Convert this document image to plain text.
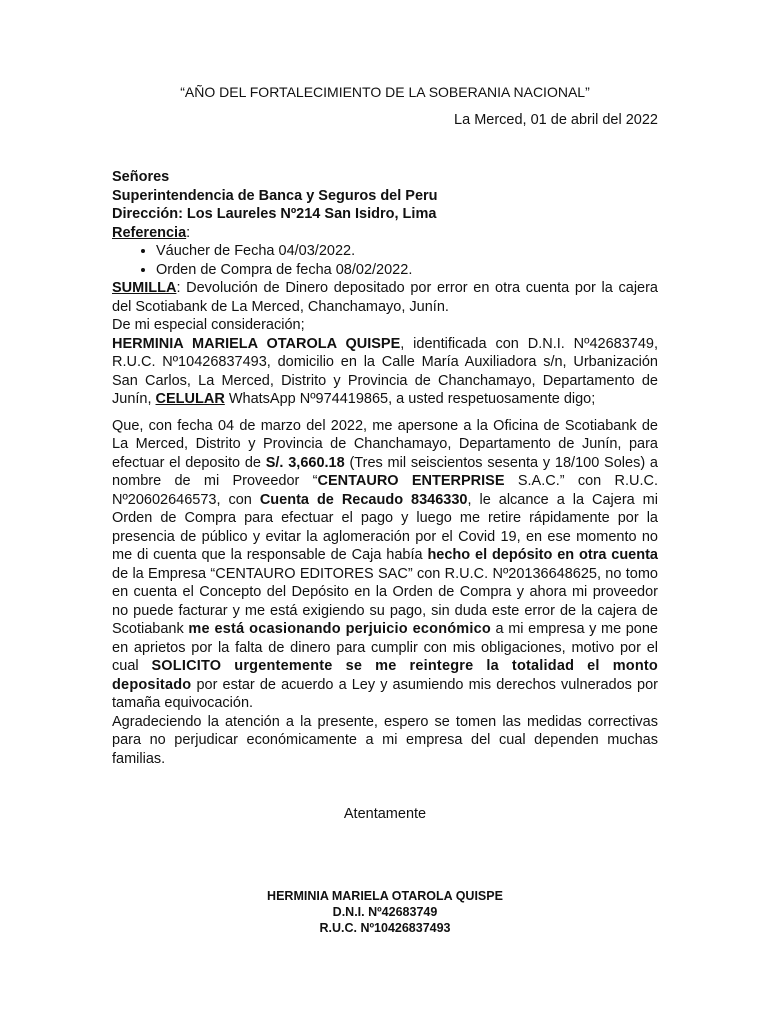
“AÑO DEL FORTALECIMIENTO DE LA SOBERANIA NACIONAL”
La Merced, 01 de abril del 2022
Señores
Superintendencia de Banca y Seguros del Peru
Dirección: Los Laureles Nº214 San Isidro, Lima
Referencia:
• Váucher de Fecha 04/03/2022.
• Orden de Compra de fecha 08/02/2022.
SUMILLA: Devolución de Dinero depositado por error en otra cuenta por la cajera del Scotiabank de La Merced, Chanchamayo, Junín.
De mi especial consideración;

HERMINIA MARIELA OTAROLA QUISPE, identificada con D.N.I. Nº42683749, R.U.C. Nº10426837493, domicilio en la Calle María Auxiliadora s/n, Urbanización San Carlos, La Merced, Distrito y Provincia de Chanchamayo, Departamento de Junín, CELULAR WhatsApp Nº974419865, a usted respetuosamente digo;

Que, con fecha 04 de marzo del 2022, me apersone a la Oficina de Scotiabank de La Merced, Distrito y Provincia de Chanchamayo, Departamento de Junín, para efectuar el deposito de S/. 3,660.18 (Tres mil seiscientos sesenta y 18/100 Soles) a nombre de mi Proveedor “CENTAURO ENTERPRISE S.A.C.” con R.U.C. Nº20602646573, con Cuenta de Recaudo 8346330, le alcance a la Cajera mi Orden de Compra para efectuar el pago y luego me retire rápidamente por la presencia de público y evitar la aglomeración por el Covid 19, en ese momento no me di cuenta que la responsable de Caja había hecho el depósito en otra cuenta de la Empresa “CENTAURO EDITORES SAC” con R.U.C. Nº20136648625, no tomo en cuenta el Concepto del Depósito en la Orden de Compra y ahora mi proveedor no puede facturar y me está exigiendo su pago, sin duda este error de la cajera de Scotiabank me está ocasionando perjuicio económico a mi empresa y me pone en aprietos por la falta de dinero para cumplir con mis obligaciones, motivo por el cual SOLICITO urgentemente se me reintegre la totalidad el monto depositado por estar de acuerdo a Ley y asumiendo mis derechos vulnerados por tamaña equivocación.

Agradeciendo la atención a la presente, espero se tomen las medidas correctivas para no perjudicar económicamente a mi empresa del cual dependen muchas familias.

Atentamente
HERMINIA MARIELA OTAROLA QUISPE
D.N.I. Nº42683749
R.U.C. Nº10426837493
